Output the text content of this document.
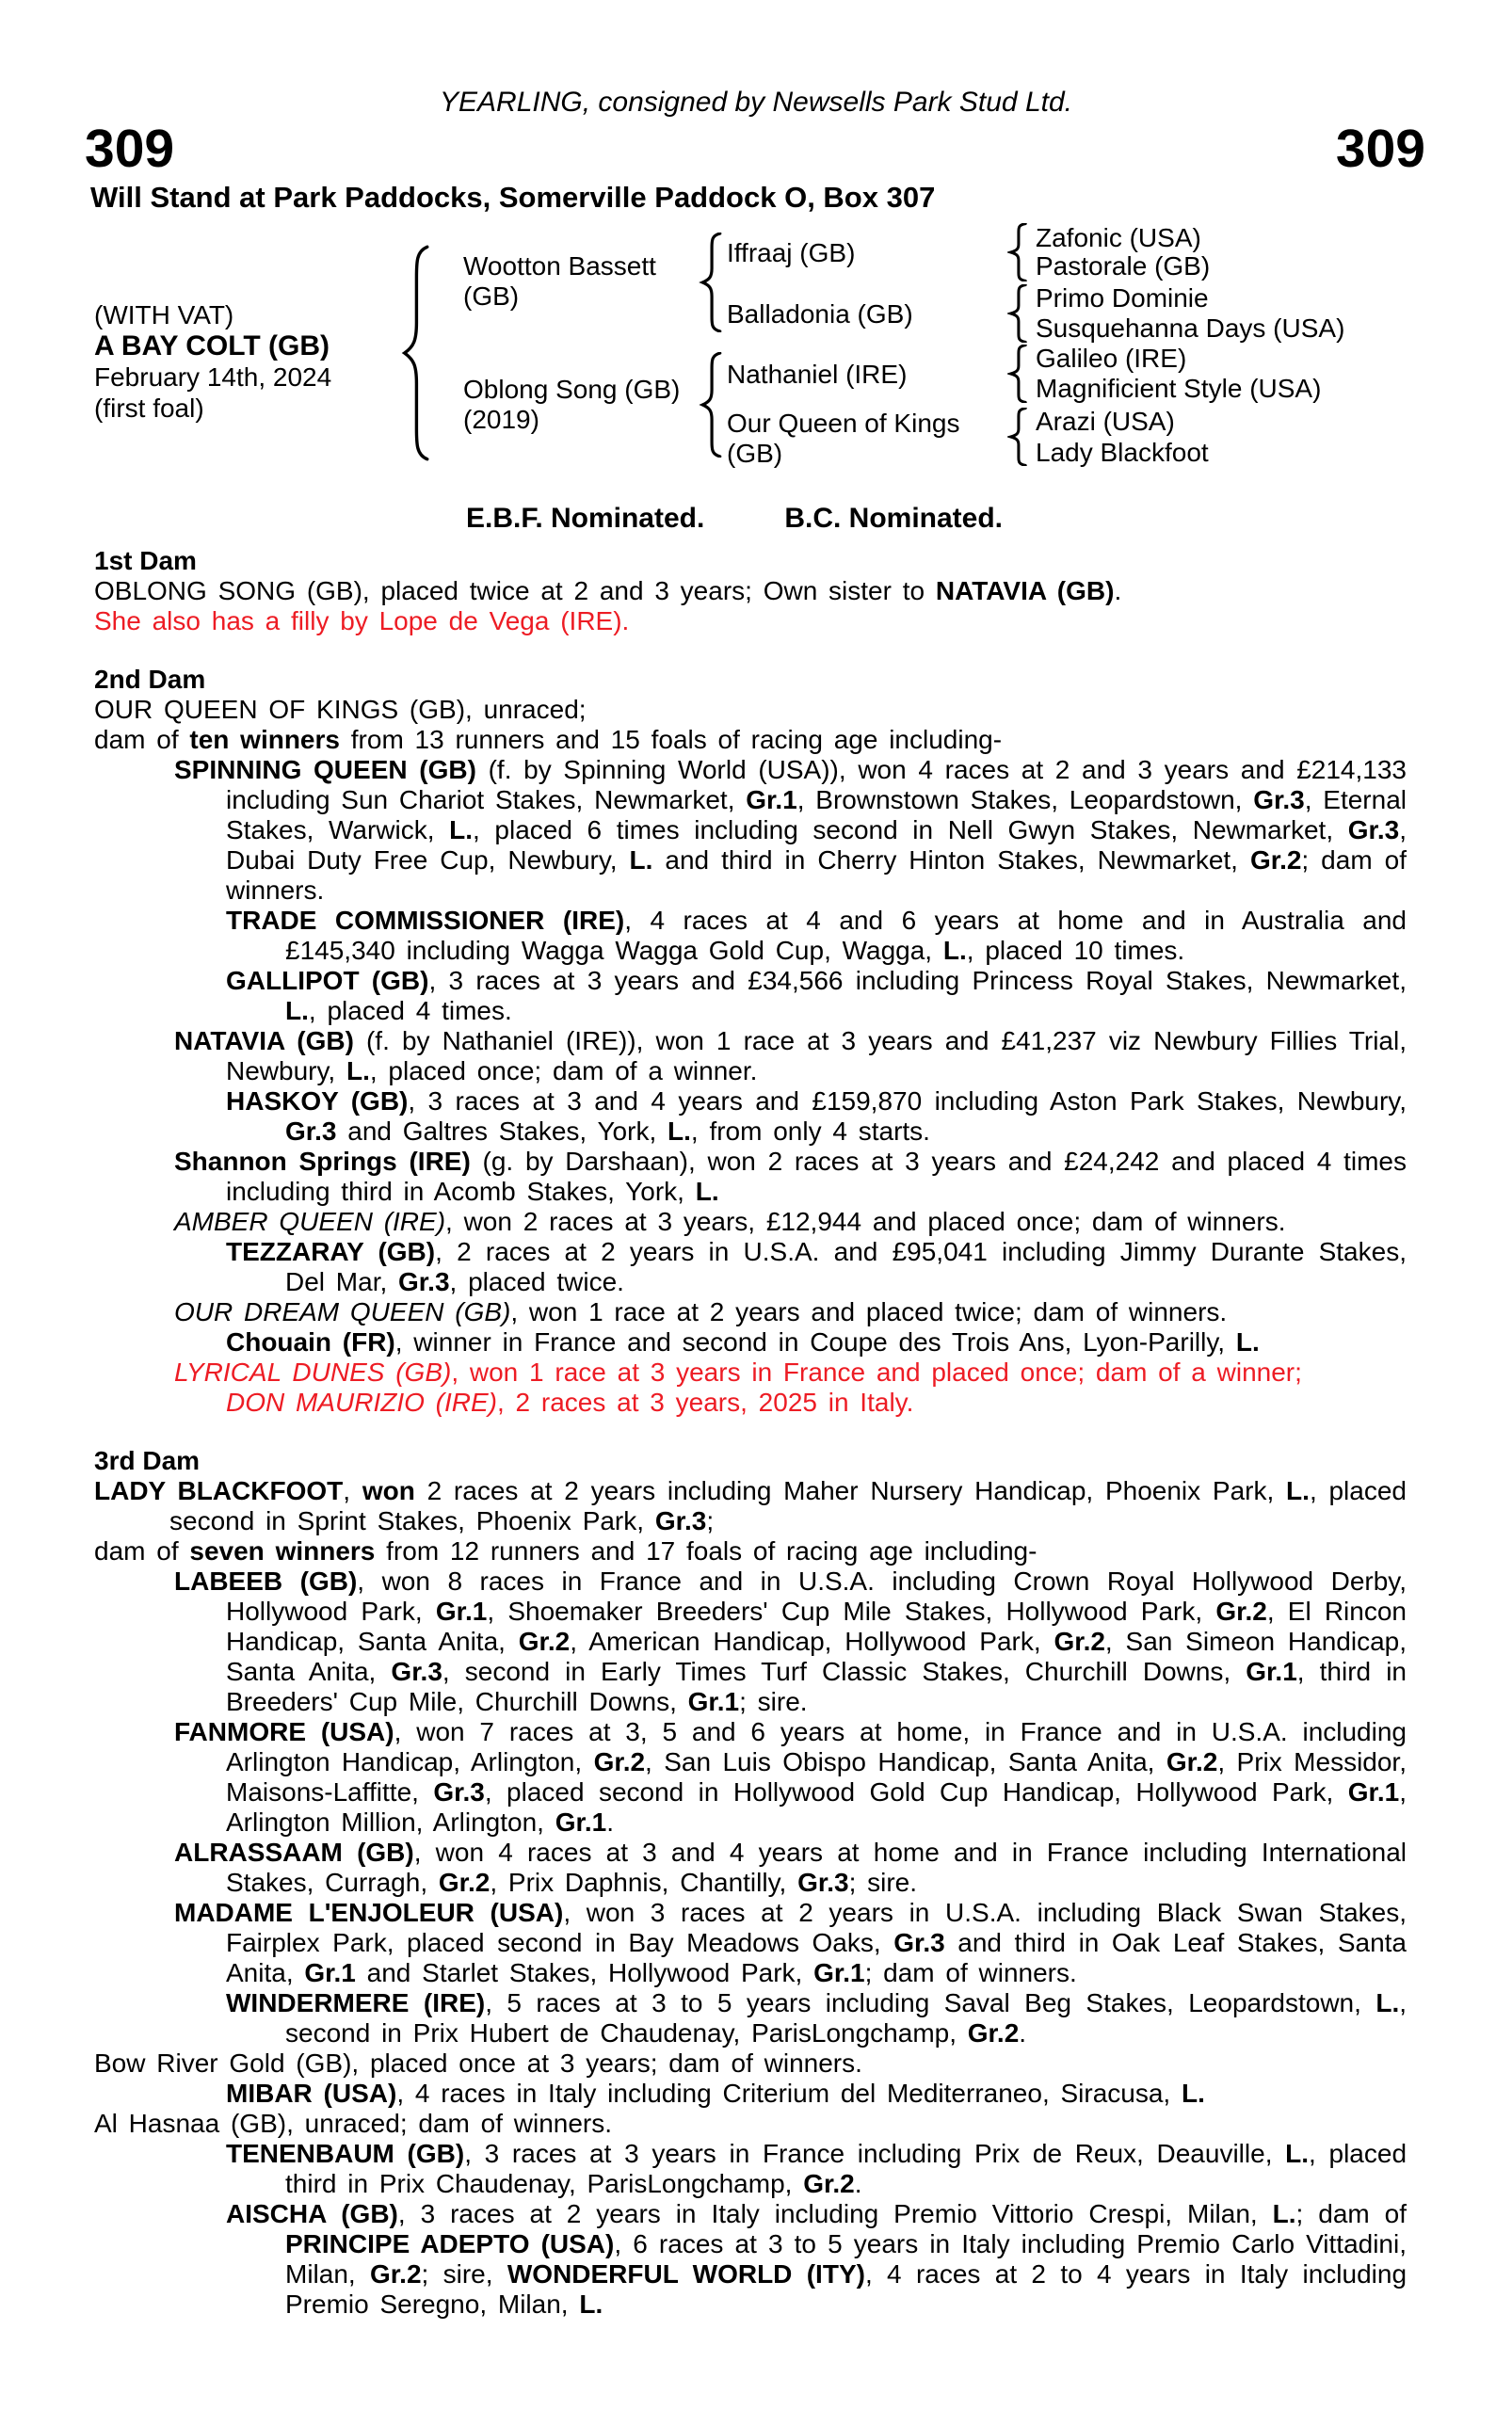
YEARLING, consigned by Newsells Park Stud Ltd.
309	309
Will Stand at Park Paddocks, Somerville Paddock O, Box 307
(WITH VAT)
A BAY COLT (GB)
February 14th, 2024
(first foal)
Wootton Bassett
(GB)
Oblong Song (GB)
(2019)
Iffraaj (GB)
Balladonia (GB)
Nathaniel (IRE)
Our Queen of Kings
(GB)
Zafonic (USA)
Pastorale (GB)
Primo Dominie
Susquehanna Days (USA)
Galileo (IRE)
Magnificient Style (USA)
Arazi (USA)
Lady Blackfoot
E.B.F. Nominated.	B.C. Nominated.
1st Dam

OBLONG SONG (GB), placed twice at 2 and 3 years; Own sister to NATAVIA (GB).

She also has a filly by Lope de Vega (IRE).

2nd Dam

OUR QUEEN OF KINGS (GB), unraced;

dam of ten winners from 13 runners and 15 foals of racing age including-

SPINNING QUEEN (GB) (f. by Spinning World (USA)), won 4 races at 2 and 3 years and £214,133 including Sun Chariot Stakes, Newmarket, Gr.1, Brownstown Stakes, Leopardstown, Gr.3, Eternal Stakes, Warwick, L., placed 6 times including second in Nell Gwyn Stakes, Newmarket, Gr.3, Dubai Duty Free Cup, Newbury, L. and third in Cherry Hinton Stakes, Newmarket, Gr.2; dam of winners.

TRADE COMMISSIONER (IRE), 4 races at 4 and 6 years at home and in Australia and £145,340 including Wagga Wagga Gold Cup, Wagga, L., placed 10 times.

GALLIPOT (GB), 3 races at 3 years and £34,566 including Princess Royal Stakes, Newmarket, L., placed 4 times.

NATAVIA (GB) (f. by Nathaniel (IRE)), won 1 race at 3 years and £41,237 viz Newbury Fillies Trial, Newbury, L., placed once; dam of a winner.

HASKOY (GB), 3 races at 3 and 4 years and £159,870 including Aston Park Stakes, Newbury, Gr.3 and Galtres Stakes, York, L., from only 4 starts.

Shannon Springs (IRE) (g. by Darshaan), won 2 races at 3 years and £24,242 and placed 4 times including third in Acomb Stakes, York, L.

AMBER QUEEN (IRE), won 2 races at 3 years, £12,944 and placed once; dam of winners.

TEZZARAY (GB), 2 races at 2 years in U.S.A. and £95,041 including Jimmy Durante Stakes, Del Mar, Gr.3, placed twice.

OUR DREAM QUEEN (GB), won 1 race at 2 years and placed twice; dam of winners.

Chouain (FR), winner in France and second in Coupe des Trois Ans, Lyon-Parilly, L.

LYRICAL DUNES (GB), won 1 race at 3 years in France and placed once; dam of a winner;

DON MAURIZIO (IRE), 2 races at 3 years, 2025 in Italy.

3rd Dam

LADY BLACKFOOT, won 2 races at 2 years including Maher Nursery Handicap, Phoenix Park, L., placed second in Sprint Stakes, Phoenix Park, Gr.3;

dam of seven winners from 12 runners and 17 foals of racing age including-

LABEEB (GB), won 8 races in France and in U.S.A. including Crown Royal Hollywood Derby, Hollywood Park, Gr.1, Shoemaker Breeders' Cup Mile Stakes, Hollywood Park, Gr.2, El Rincon Handicap, Santa Anita, Gr.2, American Handicap, Hollywood Park, Gr.2, San Simeon Handicap, Santa Anita, Gr.3, second in Early Times Turf Classic Stakes, Churchill Downs, Gr.1, third in Breeders' Cup Mile, Churchill Downs, Gr.1; sire.

FANMORE (USA), won 7 races at 3, 5 and 6 years at home, in France and in U.S.A. including Arlington Handicap, Arlington, Gr.2, San Luis Obispo Handicap, Santa Anita, Gr.2, Prix Messidor, Maisons-Laffitte, Gr.3, placed second in Hollywood Gold Cup Handicap, Hollywood Park, Gr.1, Arlington Million, Arlington, Gr.1.

ALRASSAAM (GB), won 4 races at 3 and 4 years at home and in France including International Stakes, Curragh, Gr.2, Prix Daphnis, Chantilly, Gr.3; sire.

MADAME L'ENJOLEUR (USA), won 3 races at 2 years in U.S.A. including Black Swan Stakes, Fairplex Park, placed second in Bay Meadows Oaks, Gr.3 and third in Oak Leaf Stakes, Santa Anita, Gr.1 and Starlet Stakes, Hollywood Park, Gr.1; dam of winners.

WINDERMERE (IRE), 5 races at 3 to 5 years including Saval Beg Stakes, Leopardstown, L., second in Prix Hubert de Chaudenay, ParisLongchamp, Gr.2.

Bow River Gold (GB), placed once at 3 years; dam of winners.

MIBAR (USA), 4 races in Italy including Criterium del Mediterraneo, Siracusa, L.

Al Hasnaa (GB), unraced; dam of winners.

TENENBAUM (GB), 3 races at 3 years in France including Prix de Reux, Deauville, L., placed third in Prix Chaudenay, ParisLongchamp, Gr.2.

AISCHA (GB), 3 races at 2 years in Italy including Premio Vittorio Crespi, Milan, L.; dam of PRINCIPE ADEPTO (USA), 6 races at 3 to 5 years in Italy including Premio Carlo Vittadini, Milan, Gr.2; sire, WONDERFUL WORLD (ITY), 4 races at 2 to 4 years in Italy including Premio Seregno, Milan, L.
